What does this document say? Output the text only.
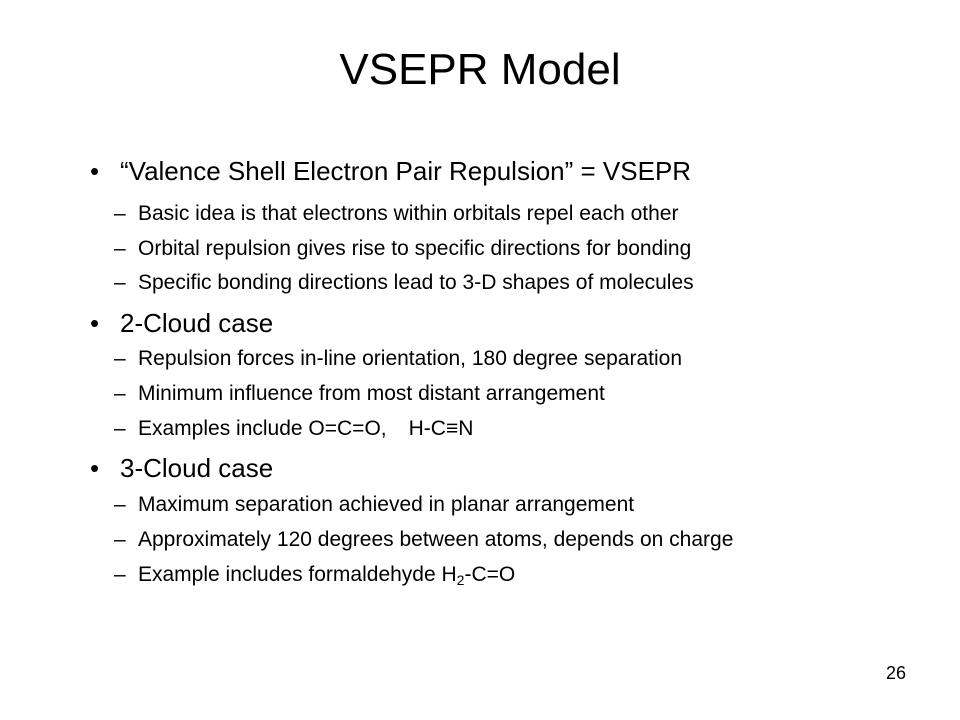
VSEPR Model
• “Valence Shell Electron Pair Repulsion” = VSEPR
– Basic idea is that electrons within orbitals repel each other
– Orbital repulsion gives rise to specific directions for bonding
– Specific bonding directions lead to 3-D shapes of molecules
• 2-Cloud case
– Repulsion forces in-line orientation, 180 degree separation
– Minimum influence from most distant arrangement
– Examples include O=C=O, H-C≡N
• 3-Cloud case
– Maximum separation achieved in planar arrangement
– Approximately 120 degrees between atoms, depends on charge
– Example includes formaldehyde $H_2-C=O$
26
